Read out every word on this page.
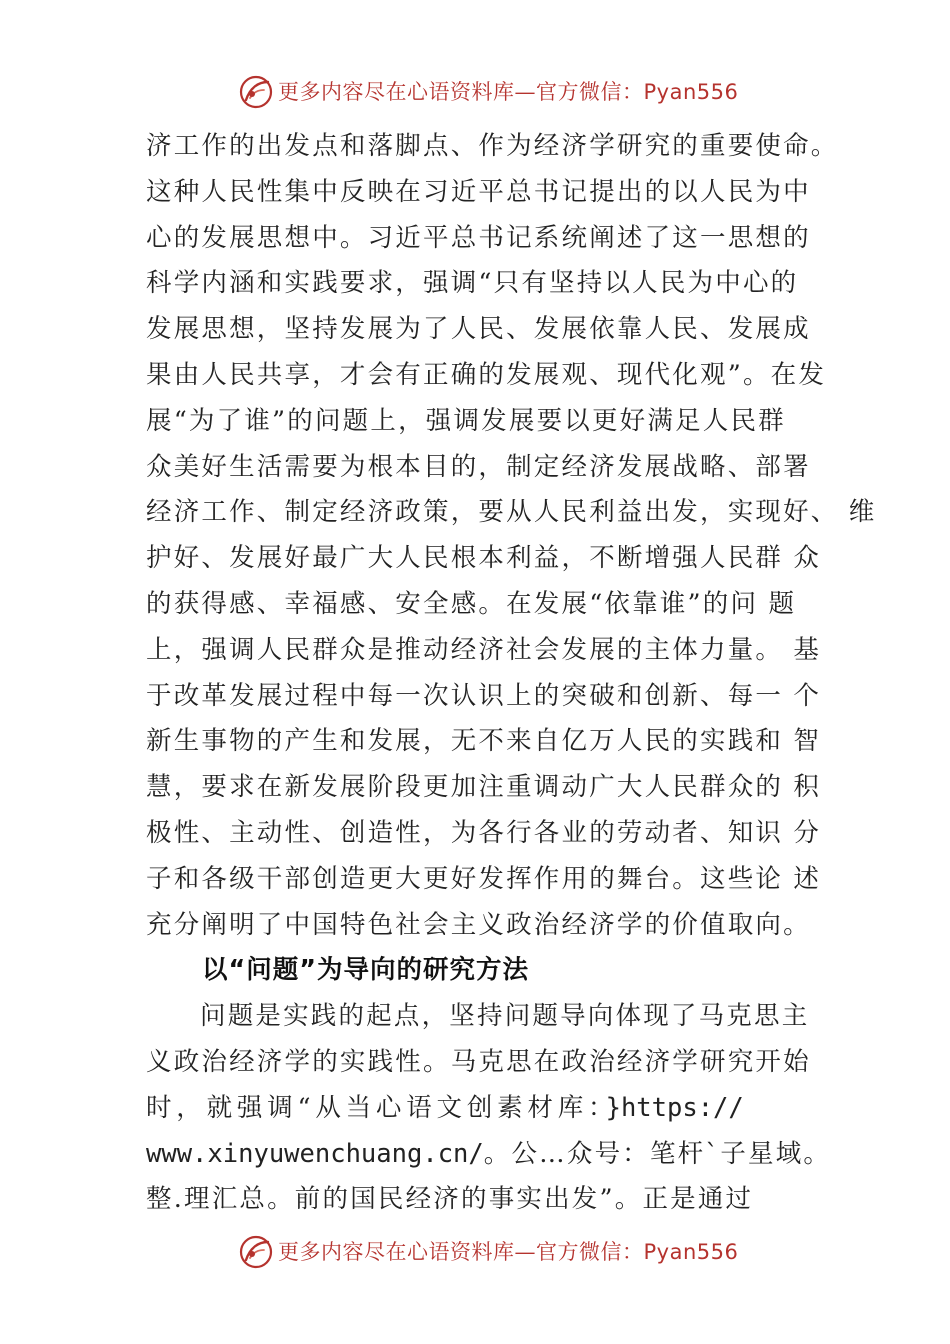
更多内容尽在心语资料库—官方微信：Pyan556
济工作的出发点和落脚点、作为经济学研究的重要使命。
这种人民性集中反映在习近平总书记提出的以人民为中
心的发展思想中。习近平总书记系统阐述了这一思想的
科学内涵和实践要求，强调“只有坚持以人民为中心的
发展思想，坚持发展为了人民、发展依靠人民、发展成
果由人民共享，才会有正确的发展观、现代化观”。在发
展“为了谁”的问题上，强调发展要以更好满足人民群
众美好生活需要为根本目的，制定经济发展战略、部署
经济工作、制定经济政策，要从人民利益出发，实现好、 维
护好、发展好最广大人民根本利益，不断增强人民群 众
的获得感、幸福感、安全感。在发展“依靠谁”的问 题
上，强调人民群众是推动经济社会发展的主体力量。 基
于改革发展过程中每一次认识上的突破和创新、每一 个
新生事物的产生和发展，无不来自亿万人民的实践和 智
慧，要求在新发展阶段更加注重调动广大人民群众的 积
极性、主动性、创造性，为各行各业的劳动者、知识 分
子和各级干部创造更大更好发挥作用的舞台。这些论 述
充分阐明了中国特色社会主义政治经济学的价值取向。
以“问题”为导向的研究方法
问题是实践的起点，坚持问题导向体现了马克思主
义政治经济学的实践性。马克思在政治经济学研究开始
时，就强调“从当心语文创素材库：}https://
www.xinyuwenchuang.cn/。公…众号：笔杆`子星域。
整.理汇总。前的国民经济的事实出发”。正是通过
更多内容尽在心语资料库—官方微信：Pyan556
